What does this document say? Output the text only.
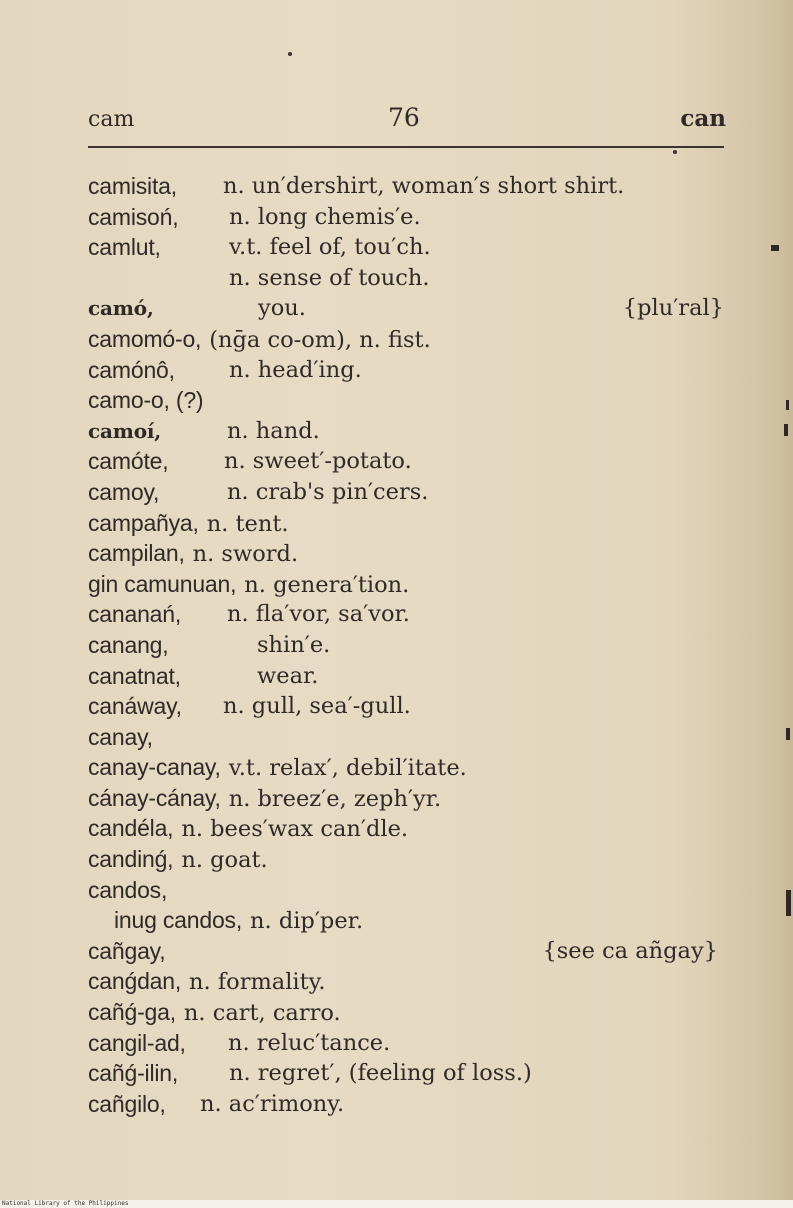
cam	76	can
camisita, n. un′dershirt, woman′s short shirt.
camisoń, n. long chemis′e.
camlut,	v.t. feel of, tou′ch.
n. sense of touch.
camó,	you.	{plu′ral}
camomó-o, (nḡa co-om), n. fist.
camónô, n. head′ing.
camo-o, (?)
camoí,	n. hand.
camóte, n. sweet′-potato.
camoy,	n. crab's pin′cers.
campañya, n. tent.
campilan, n. sword.
gin camunuan, n. genera′tion.
cananań, n. fla′vor, sa′vor.
canang,	shin′e.
canatnat,	wear.
canáway, n. gull, sea′-gull.
canay,
canay-canay, v.t. relax′, debil′itate.
cánay-cánay, n. breez′e, zeph′yr.
candéla, n. bees′wax can′dle.
candinǵ, n. goat.
candos,
inug candos, n. dip′per.
cañgay,	{see ca añgay}
canǵdan, n. formality.
cañǵ-ga, n. cart, carro.
cangil-ad, n. reluc′tance.
cañǵ-ilin, n. regret′, (feeling of loss.)
cañgilo, n. ac′rimony.
National Library of the Philippines
